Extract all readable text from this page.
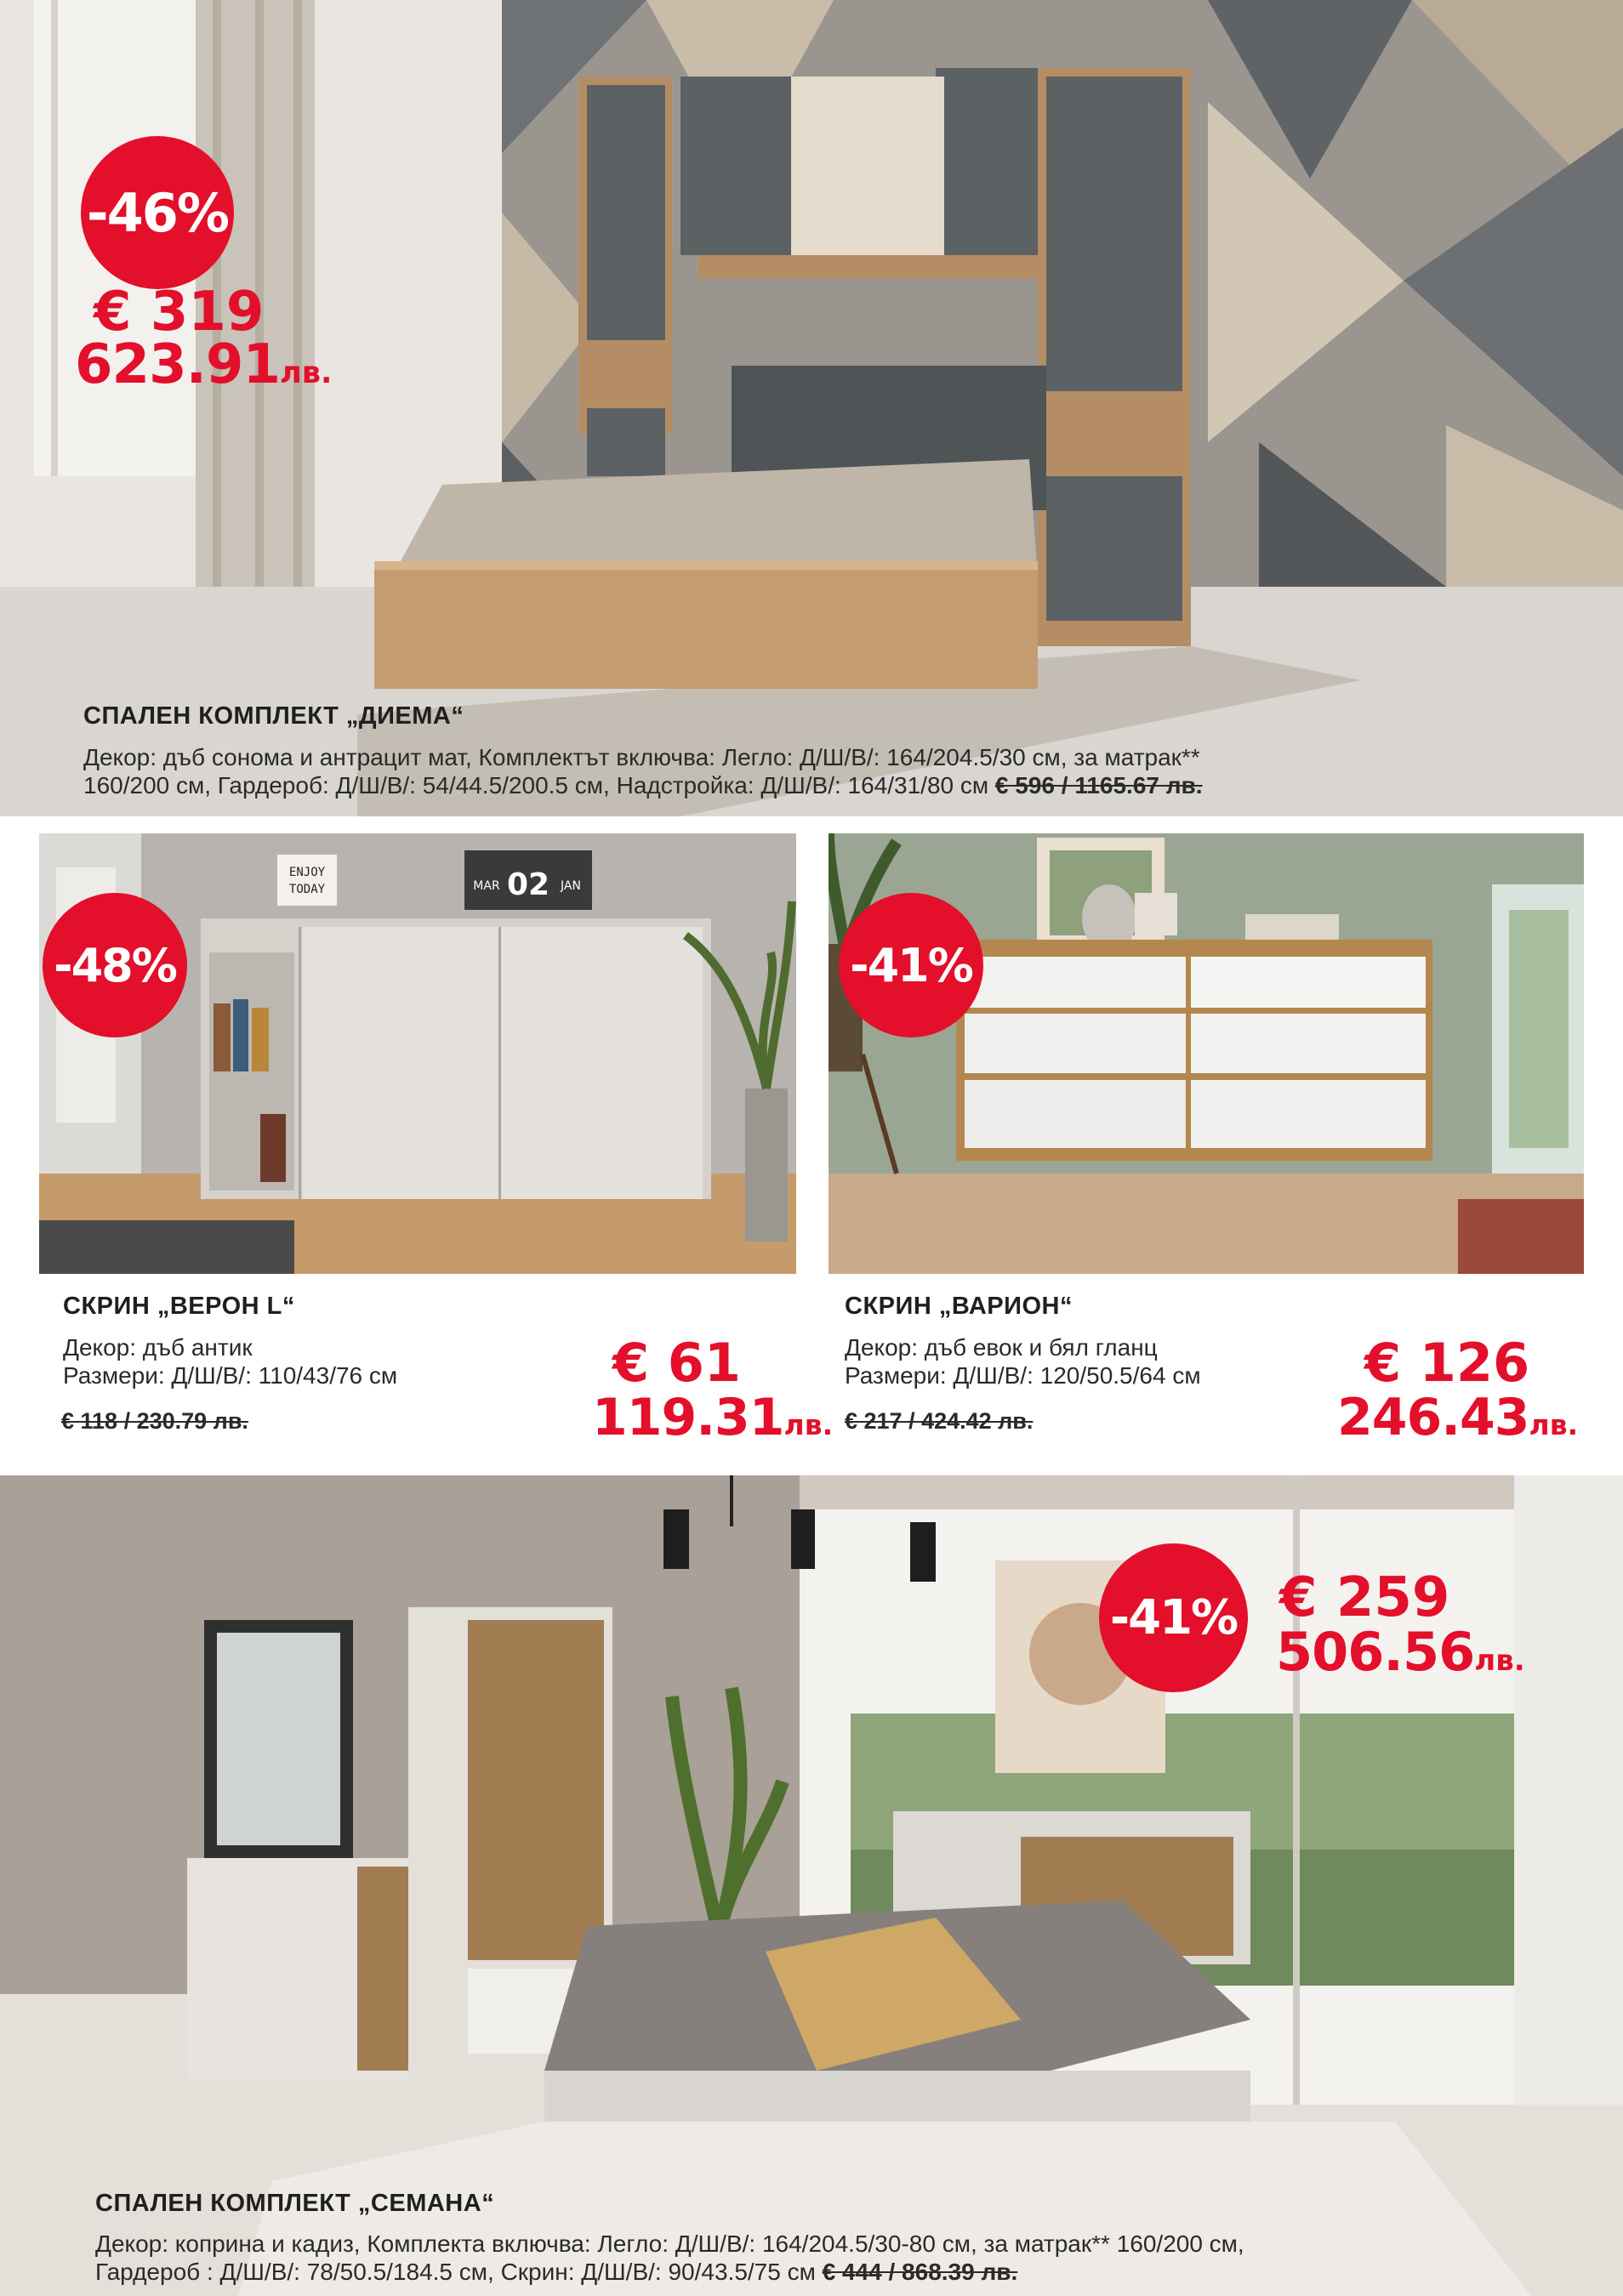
-46%
€ 319
623.91лв.
СПАЛЕН КОМПЛЕКТ „ДИЕМА“
Декор: дъб сонома и антрацит мат, Комплектът включва: Легло: Д/Ш/В/: 164/204.5/30 см, за матрак**
160/200 см, Гардероб: Д/Ш/В/: 54/44.5/200.5 см, Надстройка: Д/Ш/В/: 164/31/80 см € 596 / 1165.67 лв.
ENJOY
TODAY	MAR 02 JAN
-48%
СКРИН „ВЕРОН L“
Декор: дъб антик
Размери: Д/Ш/В/: 110/43/76 см
€ 118 / 230.79 лв.
€ 61
119.31лв.
-41%
СКРИН „ВАРИОН“
Декор: дъб евок и бял гланц
Размери: Д/Ш/В/: 120/50.5/64 см
€ 217 / 424.42 лв.
€ 126
246.43лв.
-41% € 259
506.56лв.
СПАЛЕН КОМПЛЕКТ „СЕМАНА“
Декор: коприна и кадиз, Комплекта включва: Легло: Д/Ш/В/: 164/204.5/30-80 см, за матрак** 160/200 см,
Гардероб : Д/Ш/В/: 78/50.5/184.5 см, Скрин: Д/Ш/В/: 90/43.5/75 см € 444 / 868.39 лв.
